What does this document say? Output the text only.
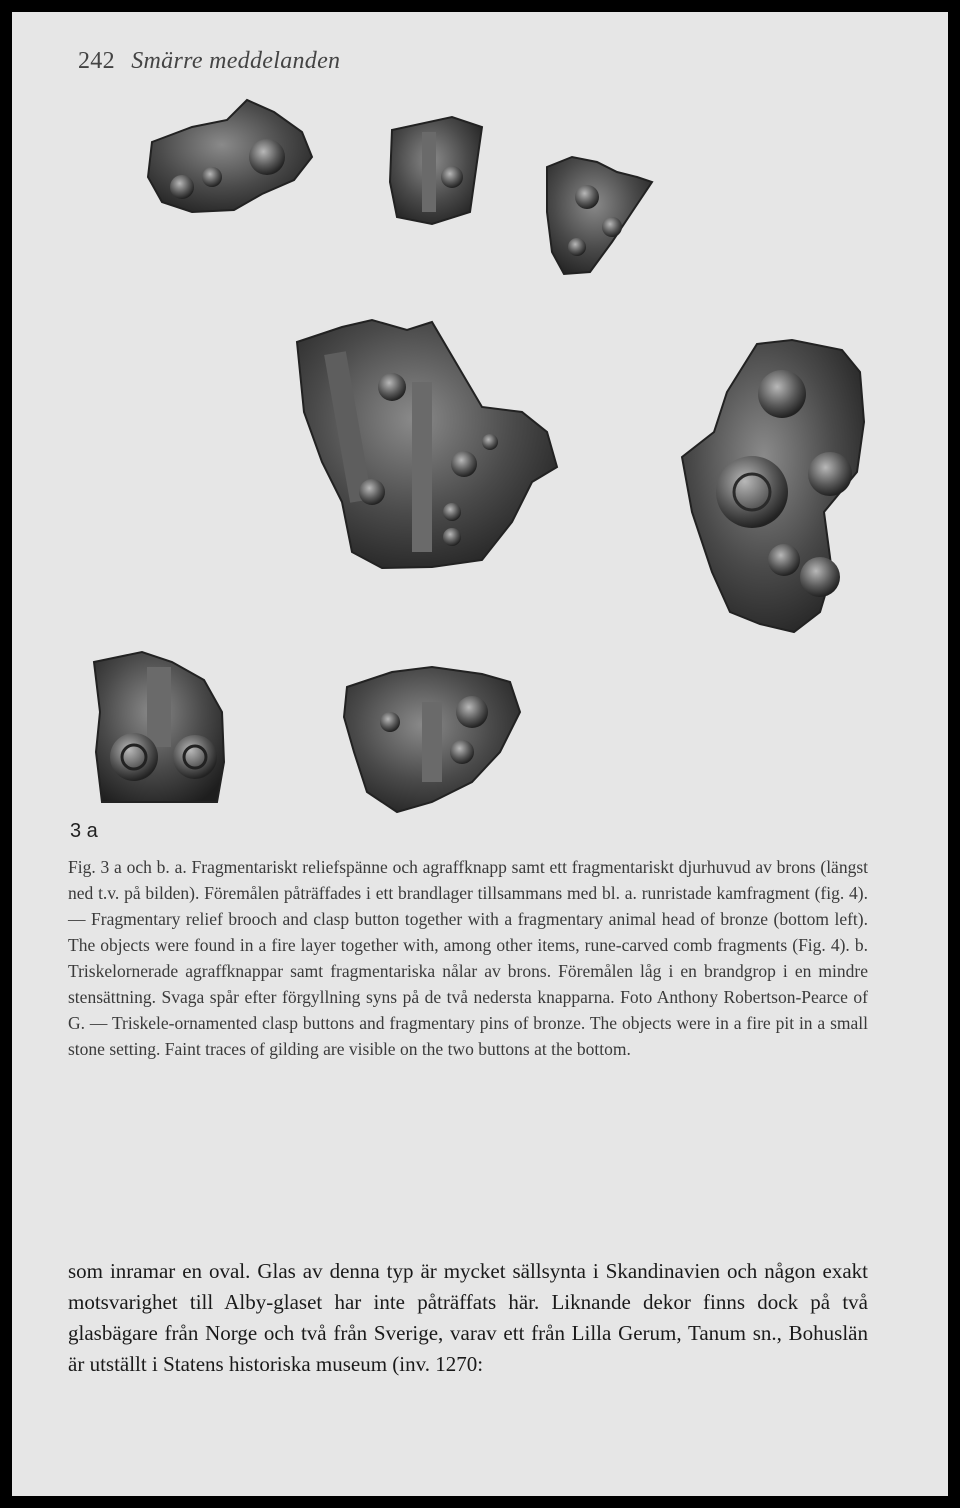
242 Smärre meddelanden
3 a

Fig. 3 a och b. a. Fragmentariskt reliefspänne och agraffknapp samt ett fragmentariskt djurhuvud av brons (längst ned t.v. på bilden). Föremålen påträffades i ett brandlager tillsammans med bl. a. runristade kamfragment (fig. 4). — Fragmentary relief brooch and clasp button together with a fragmentary animal head of bronze (bottom left). The objects were found in a fire layer together with, among other items, rune-carved comb fragments (Fig. 4). b. Triskelornerade agraffknappar samt fragmentariska nålar av brons. Föremålen låg i en brandgrop i en mindre stensättning. Svaga spår efter förgyllning syns på de två nedersta knapparna. Foto Anthony Robertson-Pearce of G. — Triskele-ornamented clasp buttons and fragmentary pins of bronze. The objects were in a fire pit in a small stone setting. Faint traces of gilding are visible on the two buttons at the bottom.

som inramar en oval. Glas av denna typ är mycket sällsynta i Skandinavien och någon exakt motsvarighet till Alby-glaset har inte påträffats här. Liknande dekor finns dock på två glasbägare från Norge och två från Sverige, varav ett från Lilla Gerum, Tanum sn., Bohuslän är utställt i Statens historiska museum (inv. 1270:
